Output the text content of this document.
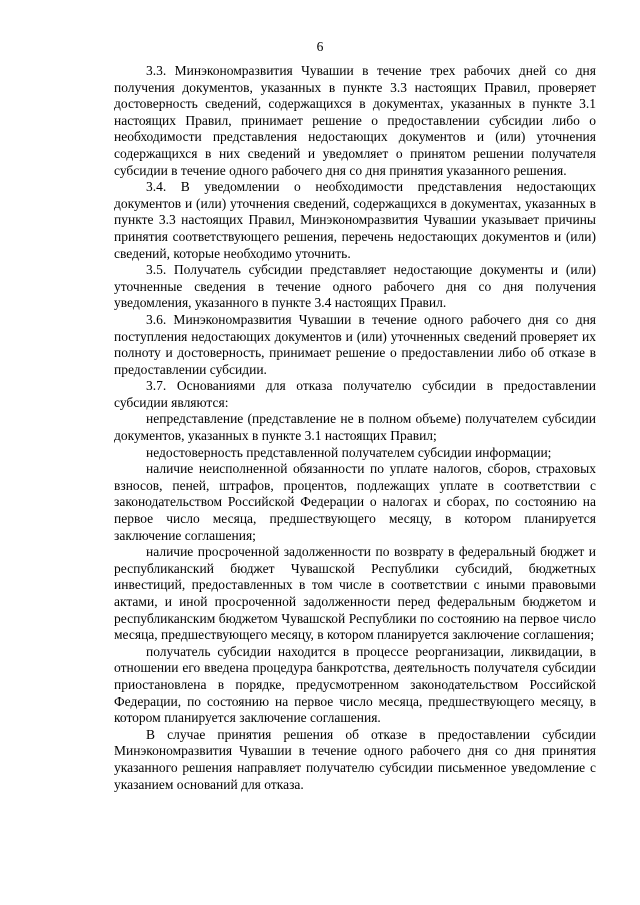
6

3.3. Минэкономразвития Чувашии в течение трех рабочих дней со дня получения документов, указанных в пункте 3.3 настоящих Правил, проверяет достоверность сведений, содержащихся в документах, указанных в пункте 3.1 настоящих Правил, принимает решение о предоставлении субсидии либо о необходимости представления недостающих документов и (или) уточнения содержащихся в них сведений и уведомляет о принятом решении получателя субсидии в течение одного рабочего дня со дня принятия указанного решения.

3.4. В уведомлении о необходимости представления недостающих документов и (или) уточнения сведений, содержащихся в документах, указанных в пункте 3.3 настоящих Правил, Минэкономразвития Чувашии указывает причины принятия соответствующего решения, перечень недостающих документов и (или) сведений, которые необходимо уточнить.

3.5. Получатель субсидии представляет недостающие документы и (или) уточненные сведения в течение одного рабочего дня со дня получения уведомления, указанного в пункте 3.4 настоящих Правил.

3.6. Минэкономразвития Чувашии в течение одного рабочего дня со дня поступления недостающих документов и (или) уточненных сведений проверяет их полноту и достоверность, принимает решение о предоставлении либо об отказе в предоставлении субсидии.

3.7. Основаниями для отказа получателю субсидии в предоставлении субсидии являются:

непредставление (представление не в полном объеме) получателем субсидии документов, указанных в пункте 3.1 настоящих Правил;

недостоверность представленной получателем субсидии информации;

наличие неисполненной обязанности по уплате налогов, сборов, страховых взносов, пеней, штрафов, процентов, подлежащих уплате в соответствии с законодательством Российской Федерации о налогах и сборах, по состоянию на первое число месяца, предшествующего месяцу, в котором планируется заключение соглашения;

наличие просроченной задолженности по возврату в федеральный бюджет и республиканский бюджет Чувашской Республики субсидий, бюджетных инвестиций, предоставленных в том числе в соответствии с иными правовыми актами, и иной просроченной задолженности перед федеральным бюджетом и республиканским бюджетом Чувашской Республики по состоянию на первое число месяца, предшествующего месяцу, в котором планируется заключение соглашения;

получатель субсидии находится в процессе реорганизации, ликвидации, в отношении его введена процедура банкротства, деятельность получателя субсидии приостановлена в порядке, предусмотренном законодательством Российской Федерации, по состоянию на первое число месяца, предшествующего месяцу, в котором планируется заключение соглашения.

В случае принятия решения об отказе в предоставлении субсидии Минэкономразвития Чувашии в течение одного рабочего дня со дня принятия указанного решения направляет получателю субсидии письменное уведомление с указанием оснований для отказа.
